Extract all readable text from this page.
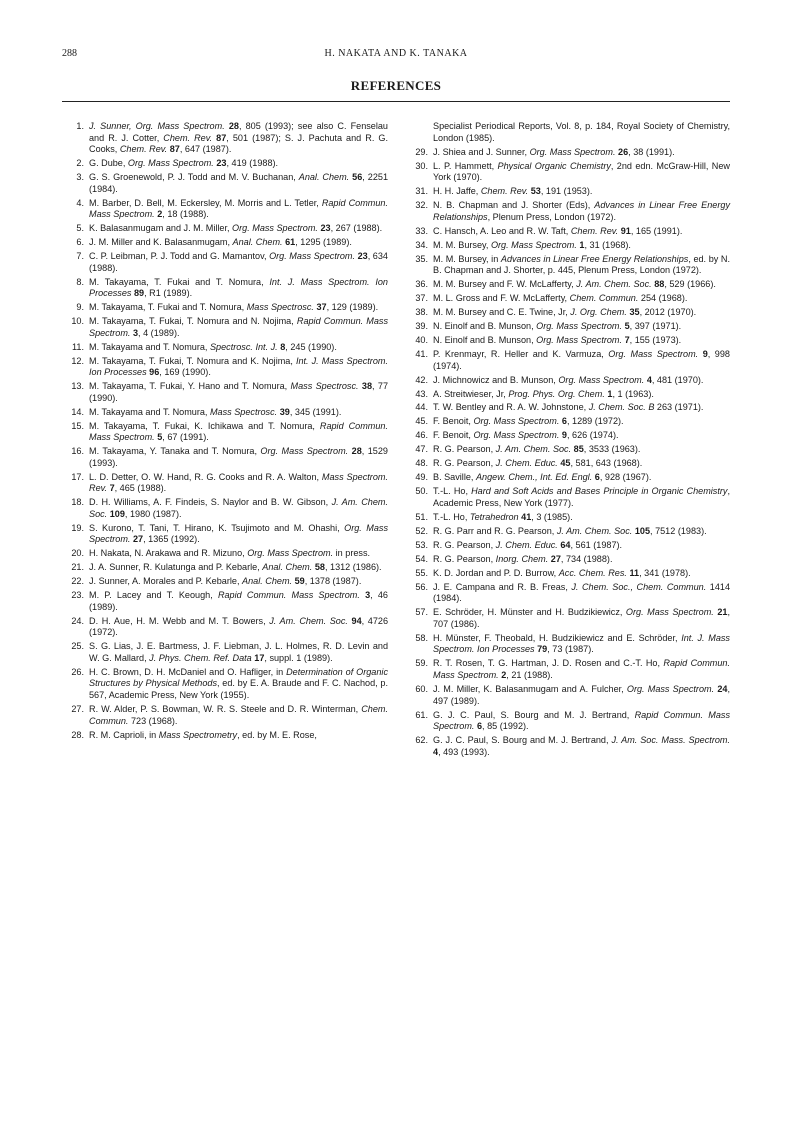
288	H. NAKATA AND K. TANAKA
REFERENCES
1. J. Sunner, Org. Mass Spectrom. 28, 805 (1993); see also C. Fenselau and R. J. Cotter, Chem. Rev. 87, 501 (1987); S. J. Pachuta and R. G. Cooks, Chem. Rev. 87, 647 (1987).
2. G. Dube, Org. Mass Spectrom. 23, 419 (1988).
3. G. S. Groenewold, P. J. Todd and M. V. Buchanan, Anal. Chem. 56, 2251 (1984).
4. M. Barber, D. Bell, M. Eckersley, M. Morris and L. Tetler, Rapid Commun. Mass Spectrom. 2, 18 (1988).
5. K. Balasanmugam and J. M. Miller, Org. Mass Spectrom. 23, 267 (1988).
6. J. M. Miller and K. Balasanmugam, Anal. Chem. 61, 1295 (1989).
7. C. P. Leibman, P. J. Todd and G. Mamantov, Org. Mass Spectrom. 23, 634 (1988).
8. M. Takayama, T. Fukai and T. Nomura, Int. J. Mass Spectrom. Ion Processes 89, R1 (1989).
9. M. Takayama, T. Fukai and T. Nomura, Mass Spectrosc. 37, 129 (1989).
10. M. Takayama, T. Fukai, T. Nomura and N. Nojima, Rapid Commun. Mass Spectrom. 3, 4 (1989).
11. M. Takayama and T. Nomura, Spectrosc. Int. J. 8, 245 (1990).
12. M. Takayama, T. Fukai, T. Nomura and K. Nojima, Int. J. Mass Spectrom. Ion Processes 96, 169 (1990).
13. M. Takayama, T. Fukai, Y. Hano and T. Nomura, Mass Spectrosc. 38, 77 (1990).
14. M. Takayama and T. Nomura, Mass Spectrosc. 39, 345 (1991).
15. M. Takayama, T. Fukai, K. Ichikawa and T. Nomura, Rapid Commun. Mass Spectrom. 5, 67 (1991).
16. M. Takayama, Y. Tanaka and T. Nomura, Org. Mass Spectrom. 28, 1529 (1993).
17. L. D. Detter, O. W. Hand, R. G. Cooks and R. A. Walton, Mass Spectrom. Rev. 7, 465 (1988).
18. D. H. Williams, A. F. Findeis, S. Naylor and B. W. Gibson, J. Am. Chem. Soc. 109, 1980 (1987).
19. S. Kurono, T. Tani, T. Hirano, K. Tsujimoto and M. Ohashi, Org. Mass Spectrom. 27, 1365 (1992).
20. H. Nakata, N. Arakawa and R. Mizuno, Org. Mass Spectrom. in press.
21. J. A. Sunner, R. Kulatunga and P. Kebarle, Anal. Chem. 58, 1312 (1986).
22. J. Sunner, A. Morales and P. Kebarle, Anal. Chem. 59, 1378 (1987).
23. M. P. Lacey and T. Keough, Rapid Commun. Mass Spectrom. 3, 46 (1989).
24. D. H. Aue, H. M. Webb and M. T. Bowers, J. Am. Chem. Soc. 94, 4726 (1972).
25. S. G. Lias, J. E. Bartmess, J. F. Liebman, J. L. Holmes, R. D. Levin and W. G. Mallard, J. Phys. Chem. Ref. Data 17, suppl. 1 (1989).
26. H. C. Brown, D. H. McDaniel and O. Hafliger, in Determination of Organic Structures by Physical Methods, ed. by E. A. Braude and F. C. Nachod, p. 567, Academic Press, New York (1955).
27. R. W. Alder, P. S. Bowman, W. R. S. Steele and D. R. Winterman, Chem. Commun. 723 (1968).
28. R. M. Caprioli, in Mass Spectrometry, ed. by M. E. Rose,
Specialist Periodical Reports, Vol. 8, p. 184, Royal Society of Chemistry, London (1985).
29. J. Shiea and J. Sunner, Org. Mass Spectrom. 26, 38 (1991).
30. L. P. Hammett, Physical Organic Chemistry, 2nd edn. McGraw-Hill, New York (1970).
31. H. H. Jaffe, Chem. Rev. 53, 191 (1953).
32. N. B. Chapman and J. Shorter (Eds), Advances in Linear Free Energy Relationships, Plenum Press, London (1972).
33. C. Hansch, A. Leo and R. W. Taft, Chem. Rev. 91, 165 (1991).
34. M. M. Bursey, Org. Mass Spectrom. 1, 31 (1968).
35. M. M. Bursey, in Advances in Linear Free Energy Relationships, ed. by N. B. Chapman and J. Shorter, p. 445, Plenum Press, London (1972).
36. M. M. Bursey and F. W. McLafferty, J. Am. Chem. Soc. 88, 529 (1966).
37. M. L. Gross and F. W. McLafferty, Chem. Commun. 254 (1968).
38. M. M. Bursey and C. E. Twine, Jr, J. Org. Chem. 35, 2012 (1970).
39. N. Einolf and B. Munson, Org. Mass Spectrom. 5, 397 (1971).
40. N. Einolf and B. Munson, Org. Mass Spectrom. 7, 155 (1973).
41. P. Krenmayr, R. Heller and K. Varmuza, Org. Mass Spectrom. 9, 998 (1974).
42. J. Michnowicz and B. Munson, Org. Mass Spectrom. 4, 481 (1970).
43. A. Streitwieser, Jr, Prog. Phys. Org. Chem. 1, 1 (1963).
44. T. W. Bentley and R. A. W. Johnstone, J. Chem. Soc. B 263 (1971).
45. F. Benoit, Org. Mass Spectrom. 6, 1289 (1972).
46. F. Benoit, Org. Mass Spectrom. 9, 626 (1974).
47. R. G. Pearson, J. Am. Chem. Soc. 85, 3533 (1963).
48. R. G. Pearson, J. Chem. Educ. 45, 581, 643 (1968).
49. B. Saville, Angew. Chem., Int. Ed. Engl. 6, 928 (1967).
50. T.-L. Ho, Hard and Soft Acids and Bases Principle in Organic Chemistry, Academic Press, New York (1977).
51. T.-L. Ho, Tetrahedron 41, 3 (1985).
52. R. G. Parr and R. G. Pearson, J. Am. Chem. Soc. 105, 7512 (1983).
53. R. G. Pearson, J. Chem. Educ. 64, 561 (1987).
54. R. G. Pearson, Inorg. Chem. 27, 734 (1988).
55. K. D. Jordan and P. D. Burrow, Acc. Chem. Res. 11, 341 (1978).
56. J. E. Campana and R. B. Freas, J. Chem. Soc., Chem. Commun. 1414 (1984).
57. E. Schröder, H. Münster and H. Budzikiewicz, Org. Mass Spectrom. 21, 707 (1986).
58. H. Münster, F. Theobald, H. Budzikiewicz and E. Schröder, Int. J. Mass Spectrom. Ion Processes 79, 73 (1987).
59. R. T. Rosen, T. G. Hartman, J. D. Rosen and C.-T. Ho, Rapid Commun. Mass Spectrom. 2, 21 (1988).
60. J. M. Miller, K. Balasanmugam and A. Fulcher, Org. Mass Spectrom. 24, 497 (1989).
61. G. J. C. Paul, S. Bourg and M. J. Bertrand, Rapid Commun. Mass Spectrom. 6, 85 (1992).
62. G. J. C. Paul, S. Bourg and M. J. Bertrand, J. Am. Soc. Mass. Spectrom. 4, 493 (1993).
